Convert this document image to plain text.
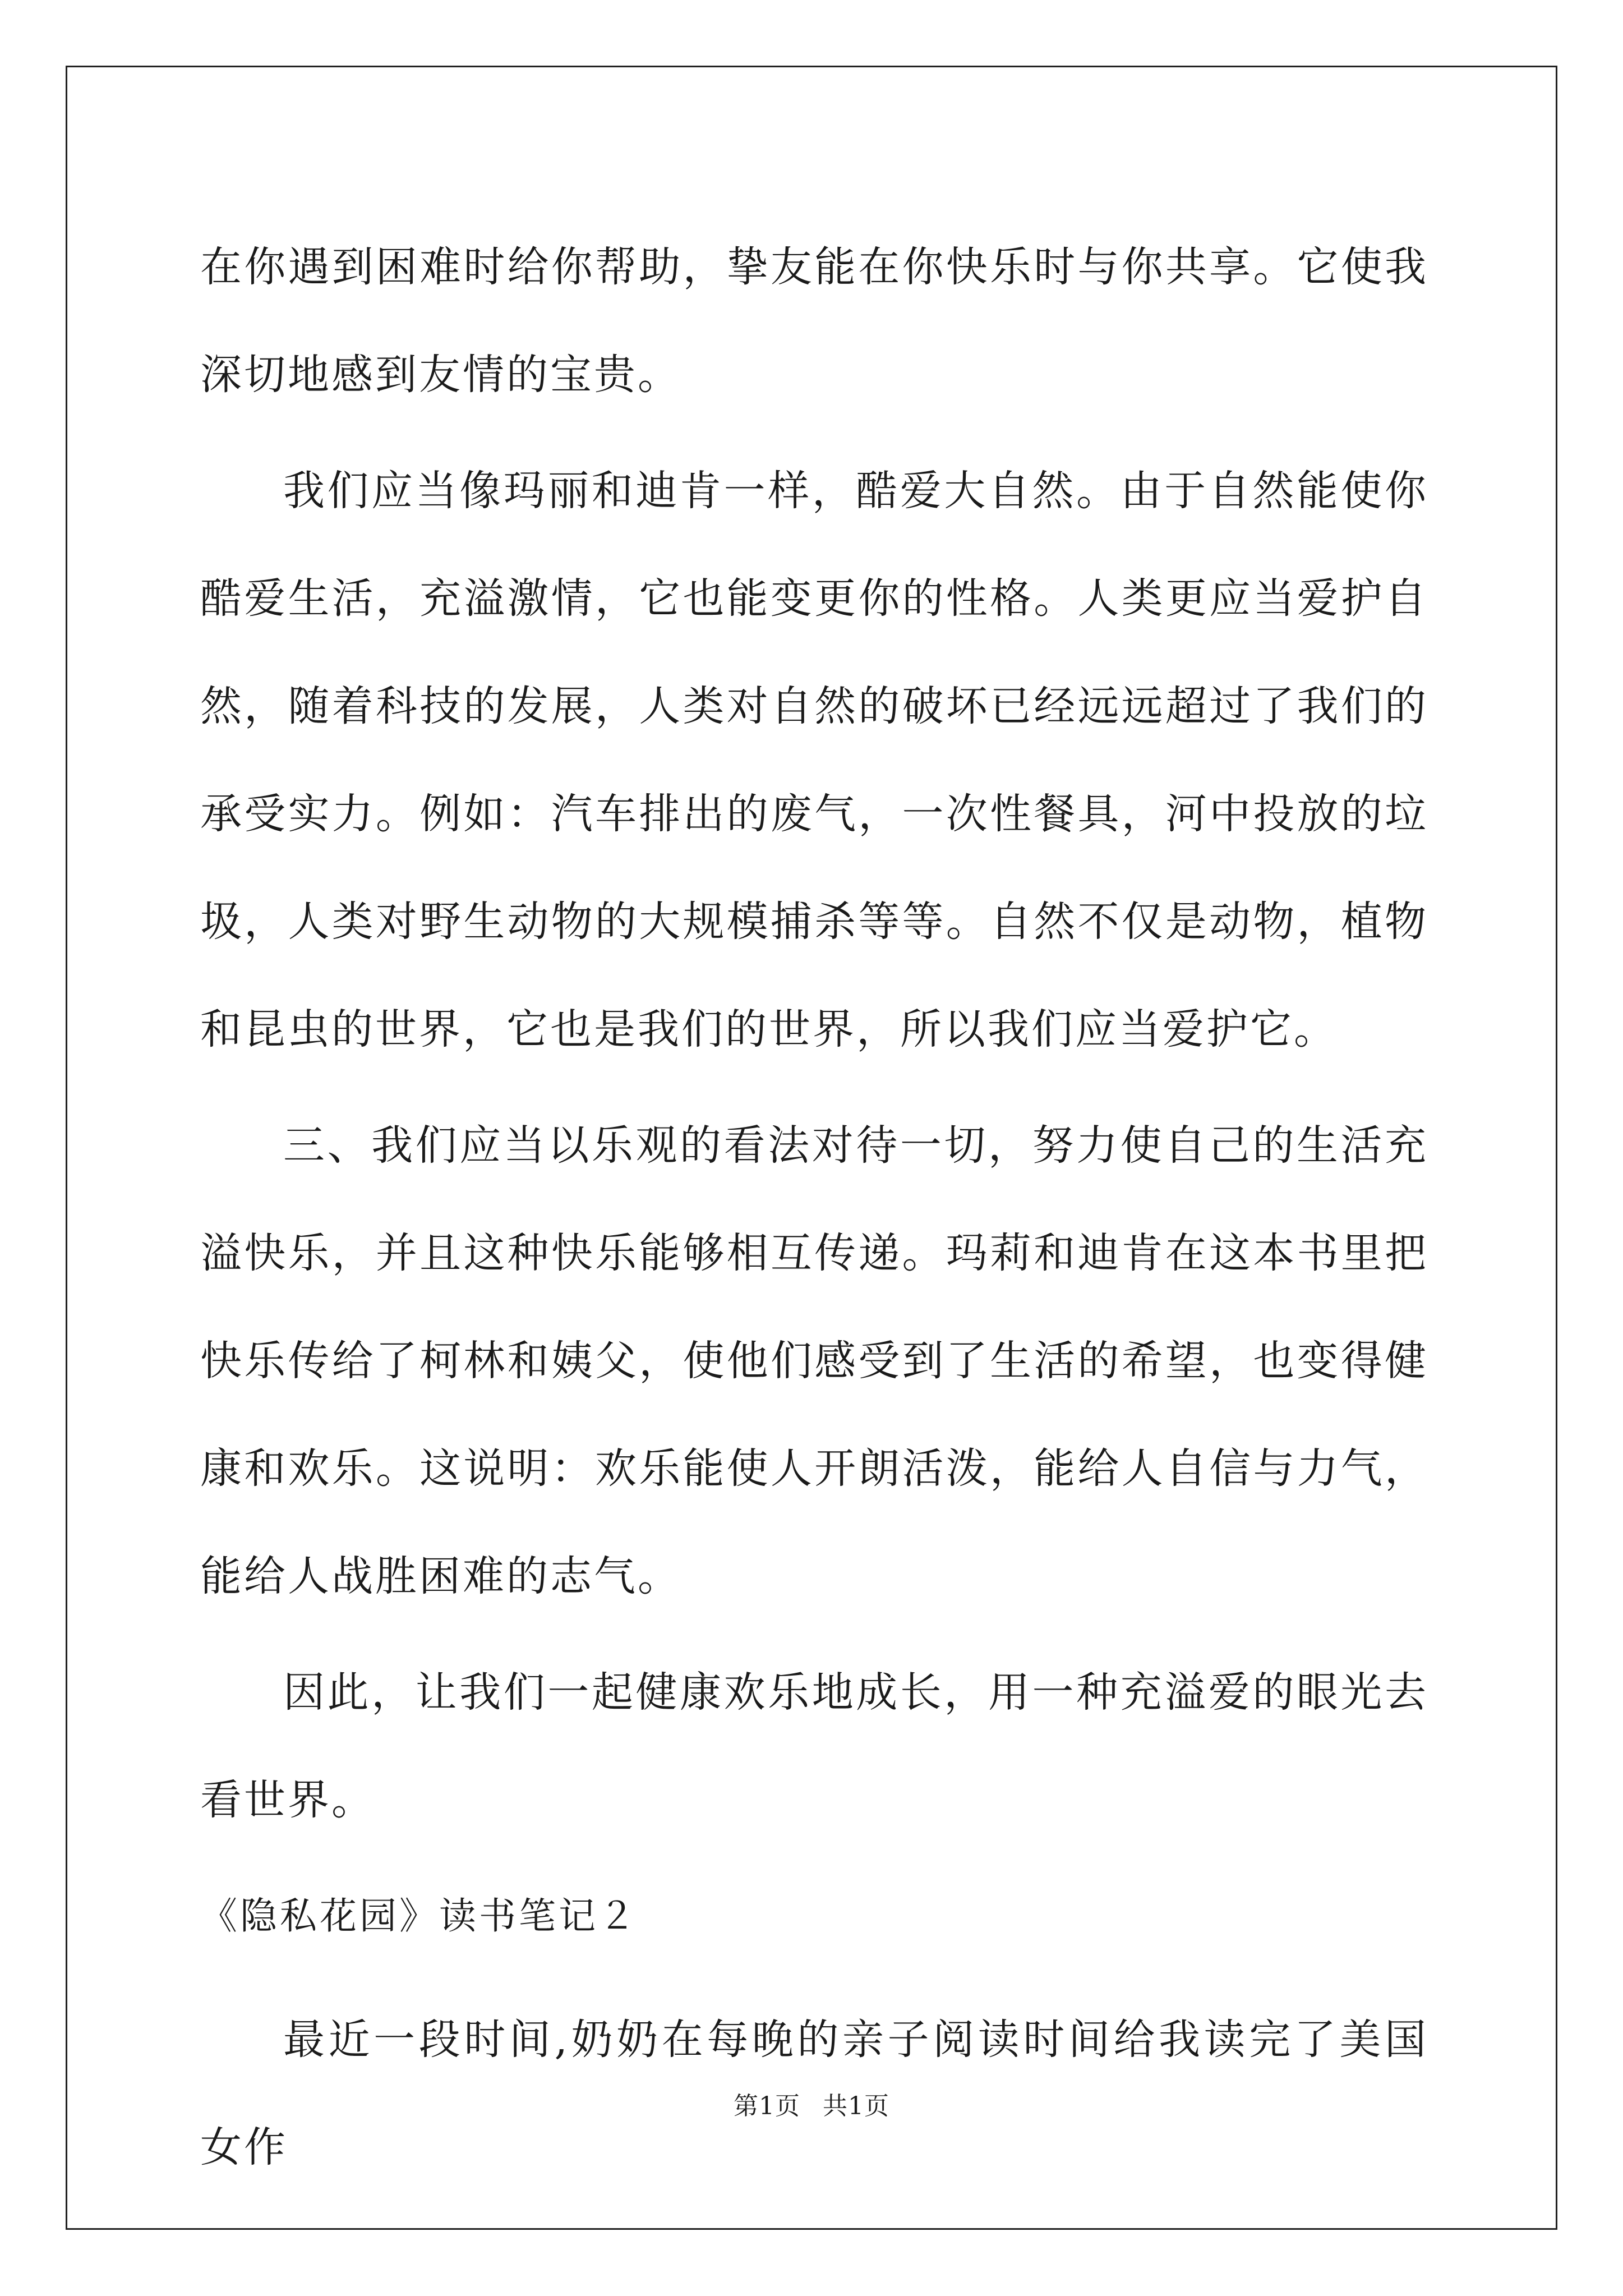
在你遇到困难时给你帮助，挚友能在你快乐时与你共享。它使我深切地感到友情的宝贵。

我们应当像玛丽和迪肯一样，酷爱大自然。由于自然能使你酷爱生活，充溢激情，它也能变更你的性格。人类更应当爱护自然，随着科技的发展，人类对自然的破坏已经远远超过了我们的承受实力。例如：汽车排出的废气，一次性餐具，河中投放的垃圾，人类对野生动物的大规模捕杀等等。自然不仅是动物，植物和昆虫的世界，它也是我们的世界，所以我们应当爱护它。

三、我们应当以乐观的看法对待一切，努力使自己的生活充溢快乐，并且这种快乐能够相互传递。玛莉和迪肯在这本书里把快乐传给了柯林和姨父，使他们感受到了生活的希望，也变得健康和欢乐。这说明：欢乐能使人开朗活泼，能给人自信与力气，能给人战胜困难的志气。

因此，让我们一起健康欢乐地成长，用一种充溢爱的眼光去看世界。

《隐私花园》读书笔记２

最近一段时间,奶奶在每晚的亲子阅读时间给我读完了美国女作

第1页 共1页
